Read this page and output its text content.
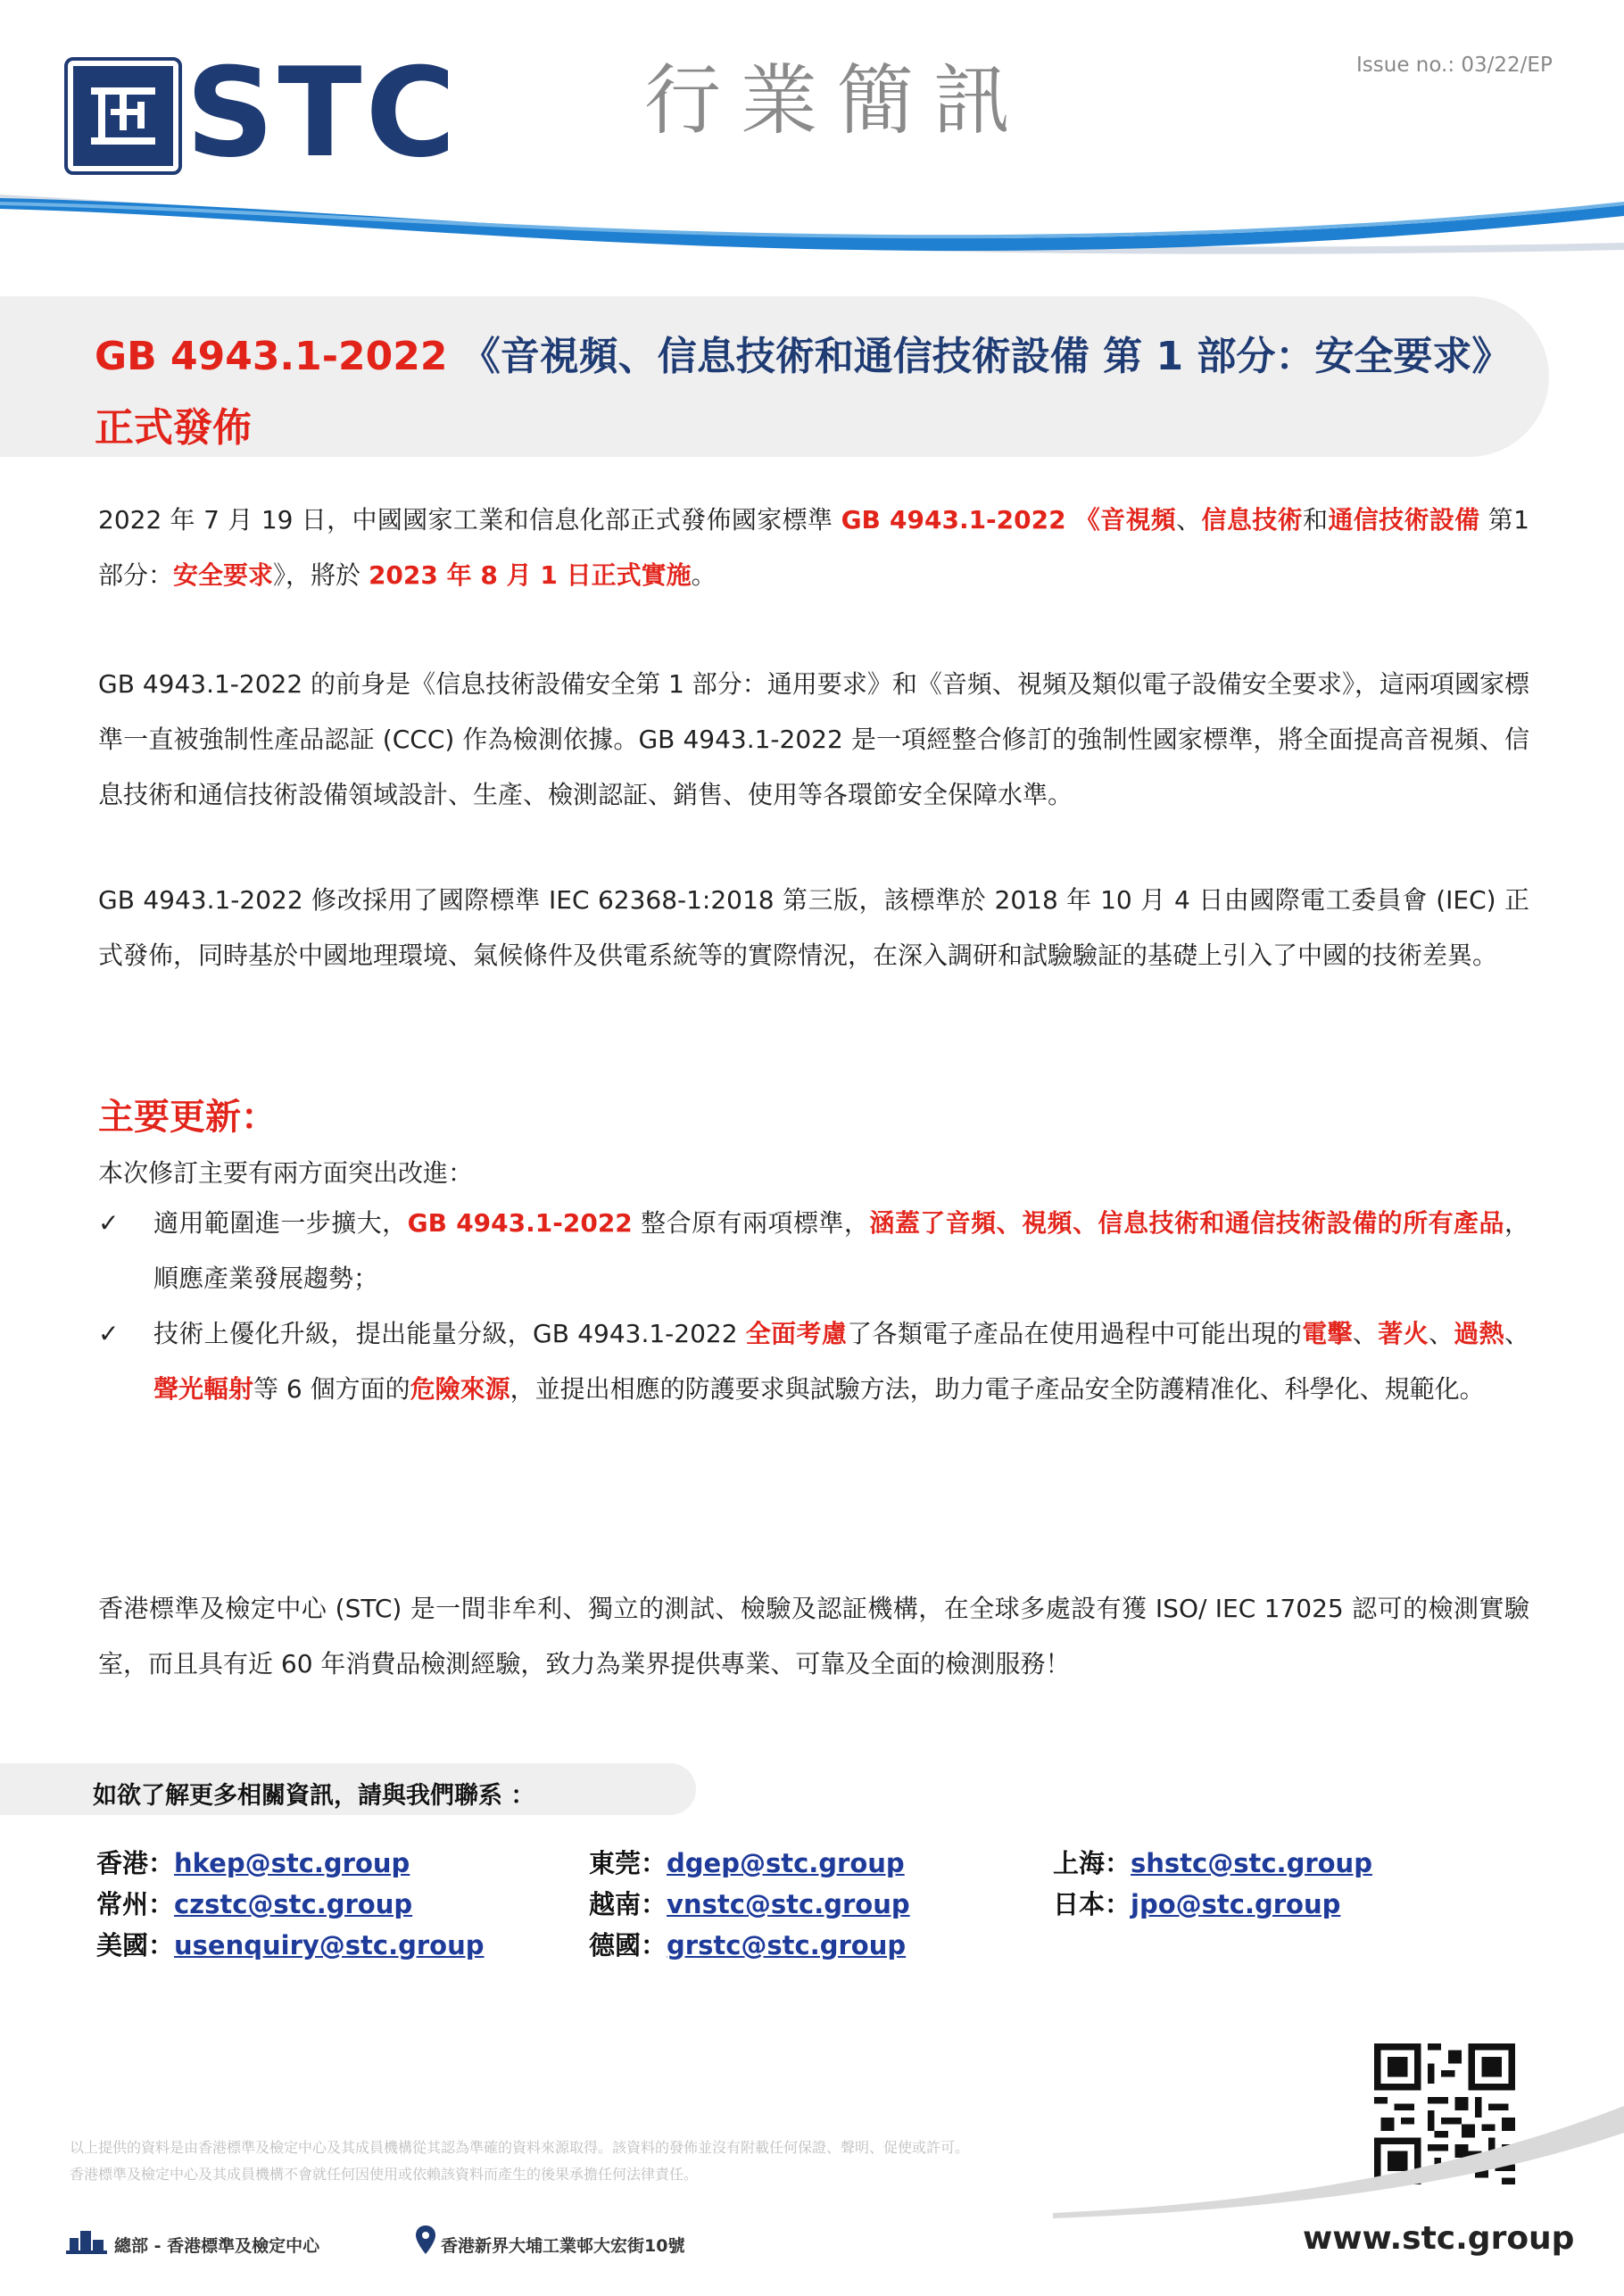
STC 行業簡訊	Issue no.: 03/22/EP
GB 4943.1-2022 《音視頻、信息技術和通信技術設備 第 1 部分：安全要求》正式發佈
2022 年 7 月 19 日，中國國家工業和信息化部正式發佈國家標準 GB 4943.1-2022 《音視頻、信息技術和通信技術設備 第1 部分：安全要求》，將於 2023 年 8 月 1 日正式實施。
GB 4943.1-2022 的前身是《信息技術設備安全第 1 部分：通用要求》和《音頻、視頻及類似電子設備安全要求》，這兩項國家標準一直被強制性產品認証 (CCC) 作為檢測依據。GB 4943.1-2022 是一項經整合修訂的強制性國家標準，將全面提高音視頻、信息技術和通信技術設備領域設計、生產、檢測認証、銷售、使用等各環節安全保障水準。
GB 4943.1-2022 修改採用了國際標準 IEC 62368-1:2018 第三版，該標準於 2018 年 10 月 4 日由國際電工委員會 (IEC) 正式發佈，同時基於中國地理環境、氣候條件及供電系統等的實際情況，在深入調研和試驗驗証的基礎上引入了中國的技術差異。
主要更新：
本次修訂主要有兩方面突出改進：
✓ 適用範圍進一步擴大，GB 4943.1-2022 整合原有兩項標準，涵蓋了音頻、視頻、信息技術和通信技術設備的所有產品，順應產業發展趨勢；
✓ 技術上優化升級，提出能量分級，GB 4943.1-2022 全面考慮了各類電子產品在使用過程中可能出現的電擊、著火、過熱、聲光輻射等 6 個方面的危險來源，並提出相應的防護要求與試驗方法，助力電子產品安全防護精准化、科學化、規範化。
香港標準及檢定中心 (STC) 是一間非牟利、獨立的測試、檢驗及認証機構，在全球多處設有獲 ISO/ IEC 17025 認可的檢測實驗室，而且具有近 60 年消費品檢測經驗，致力為業界提供專業、可靠及全面的檢測服務！
如欲了解更多相關資訊，請與我們聯系 ：
香港：hkep@stc.group	東莞：dgep@stc.group	上海：shstc@stc.group
常州：czstc@stc.group	越南：vnstc@stc.group	日本：jpo@stc.group
美國：usenquiry@stc.group	德國：grstc@stc.group
以上提供的資料是由香港標準及檢定中心及其成員機構從其認為準確的資料來源取得。該資料的發佈並沒有附載任何保證、聲明、促使或許可。
香港標準及檢定中心及其成員機構不會就任何因使用或依賴該資料而產生的後果承擔任何法律責任。
總部 - 香港標準及檢定中心	香港新界大埔工業邨大宏街10號	www.stc.group
